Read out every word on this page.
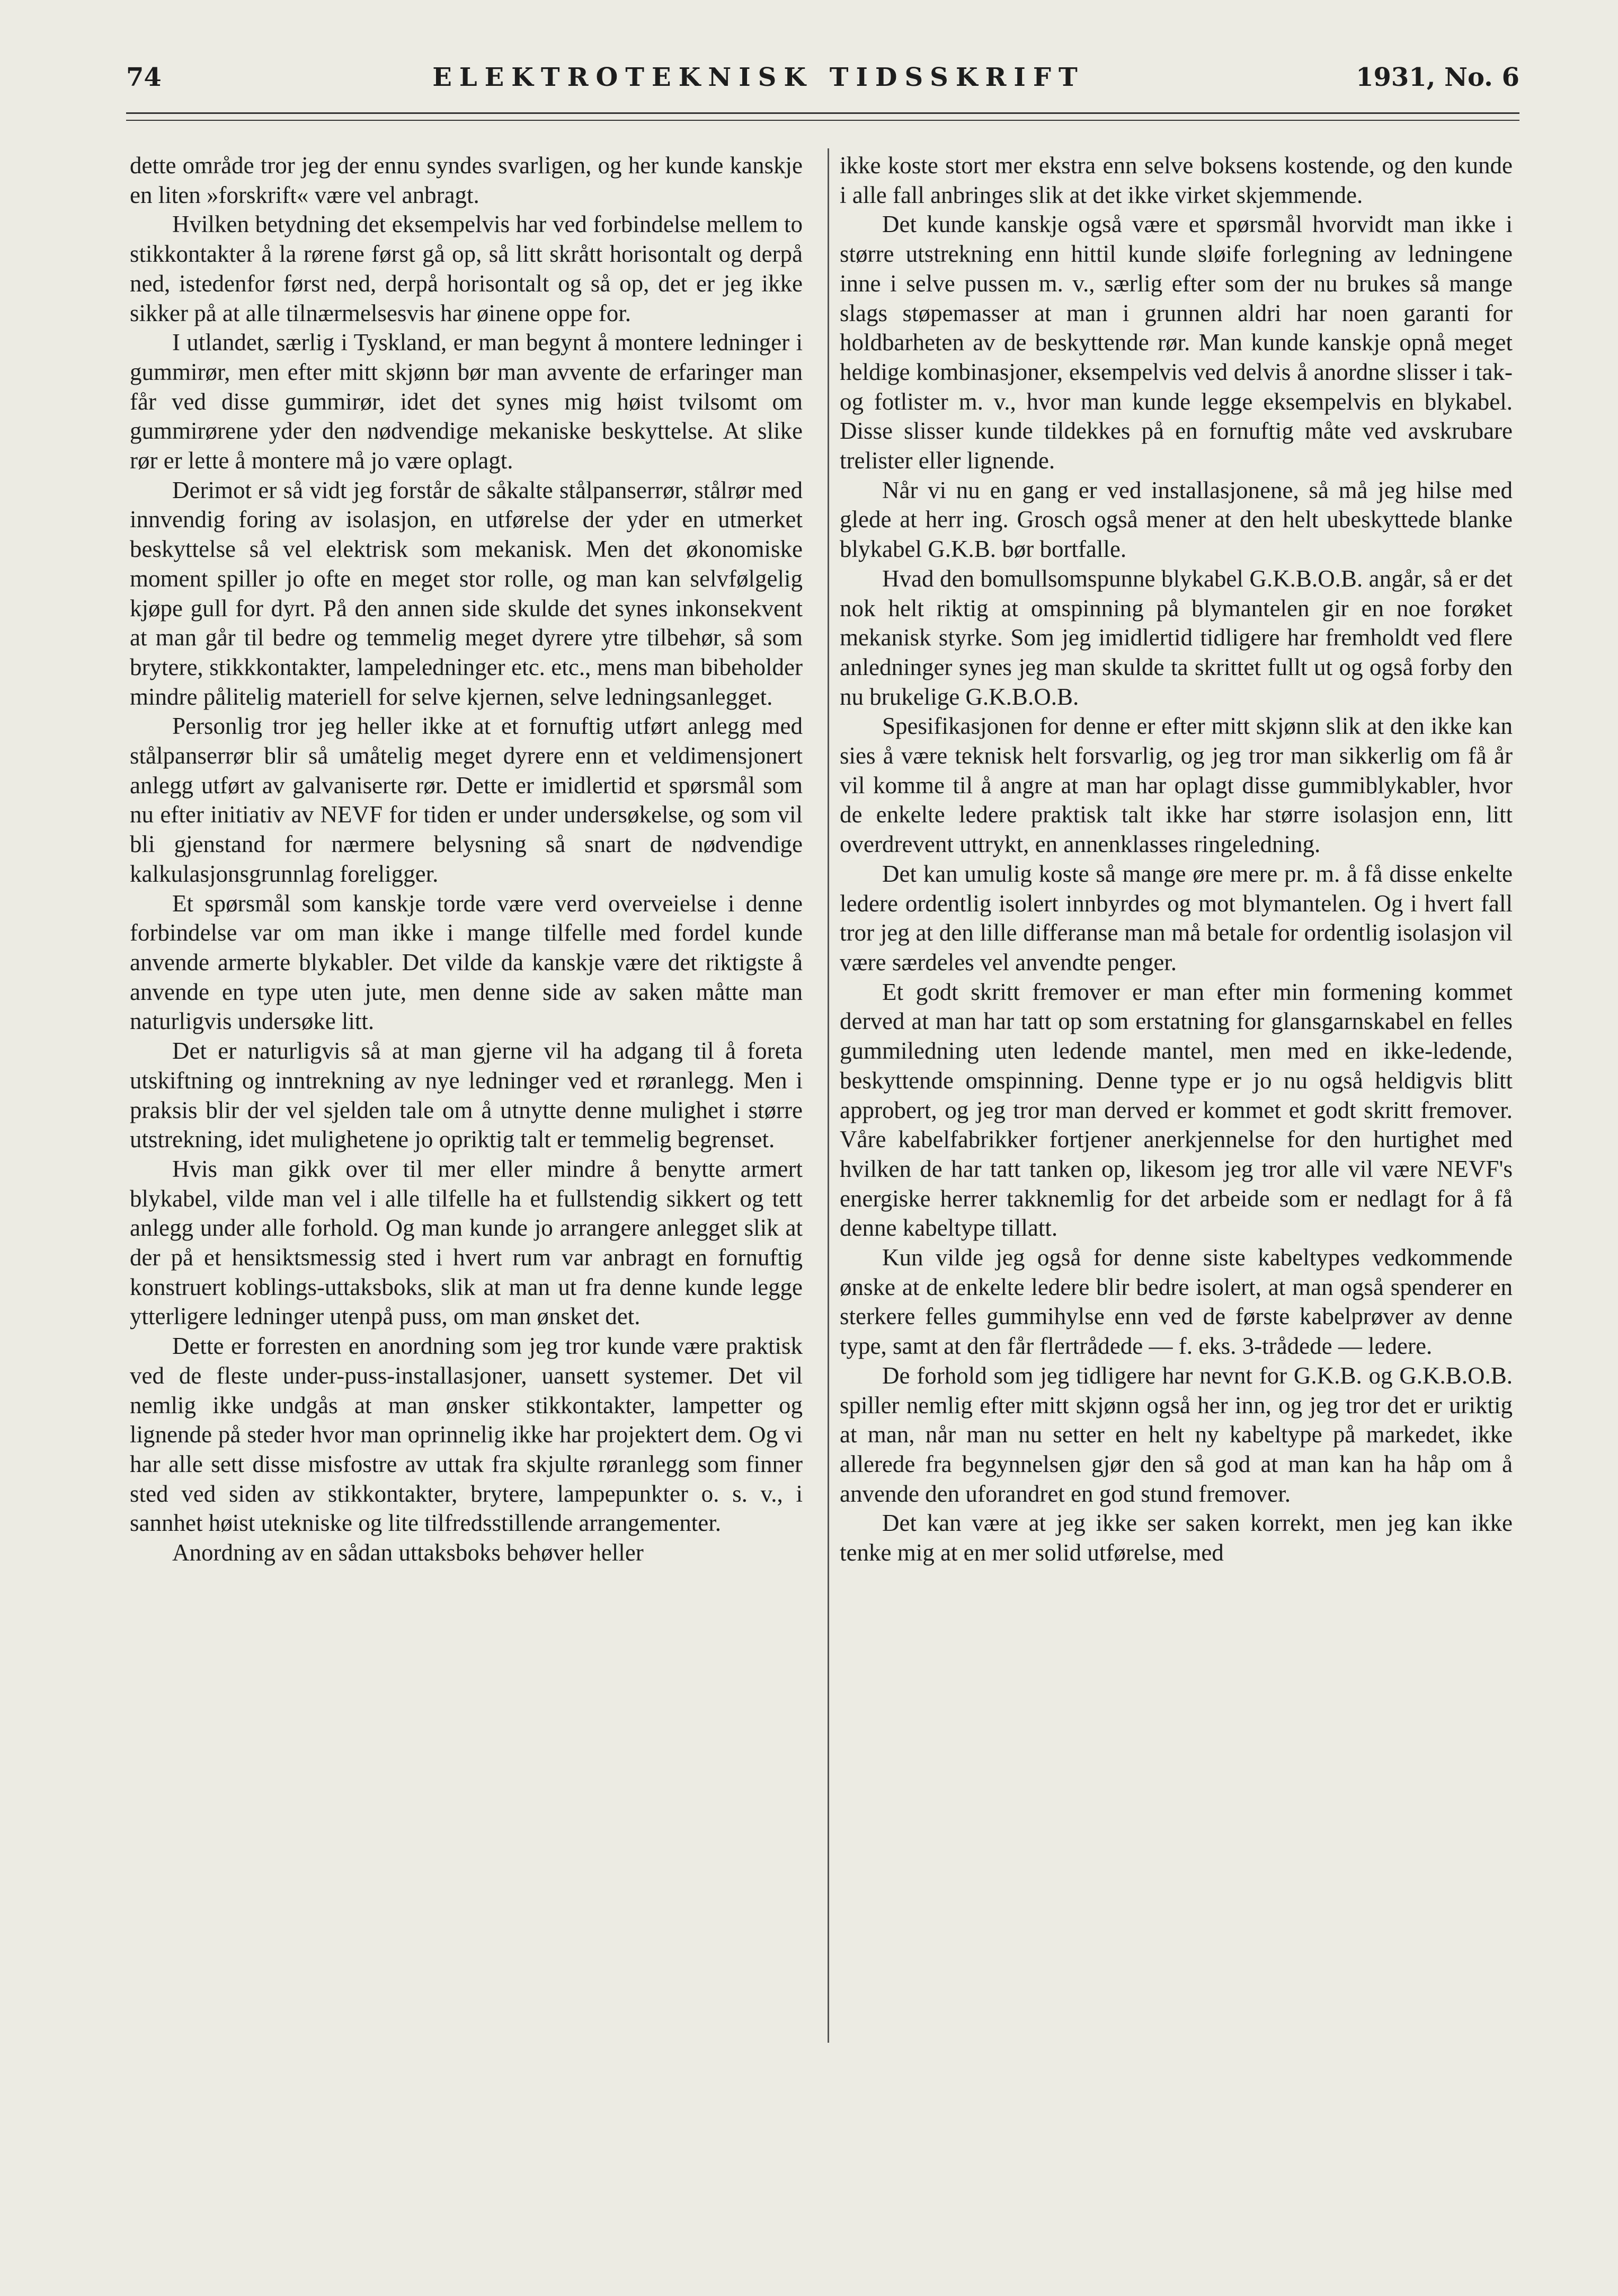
74	ELEKTROTEKNISK TIDSSKRIFT	1931, No. 6

dette område tror jeg der ennu syndes svarligen, og her kunde kanskje en liten »forskrift« være vel anbragt.

Hvilken betydning det eksempelvis har ved forbindelse mellem to stikkontakter å la rørene først gå op, så litt skrått horisontalt og derpå ned, istedenfor først ned, derpå horisontalt og så op, det er jeg ikke sikker på at alle tilnærmelsesvis har øinene oppe for.

I utlandet, særlig i Tyskland, er man begynt å montere ledninger i gummirør, men efter mitt skjønn bør man avvente de erfaringer man får ved disse gummirør, idet det synes mig høist tvilsomt om gummirørene yder den nødvendige mekaniske beskyttelse. At slike rør er lette å montere må jo være oplagt.

Derimot er så vidt jeg forstår de såkalte stålpanserrør, stålrør med innvendig foring av isolasjon, en utførelse der yder en utmerket beskyttelse så vel elektrisk som mekanisk. Men det økonomiske moment spiller jo ofte en meget stor rolle, og man kan selvfølgelig kjøpe gull for dyrt. På den annen side skulde det synes inkonsekvent at man går til bedre og temmelig meget dyrere ytre tilbehør, så som brytere, stikkkontakter, lampeledninger etc. etc., mens man bibeholder mindre pålitelig materiell for selve kjernen, selve ledningsanlegget.

Personlig tror jeg heller ikke at et fornuftig utført anlegg med stålpanserrør blir så umåtelig meget dyrere enn et veldimensjonert anlegg utført av galvaniserte rør. Dette er imidlertid et spørsmål som nu efter initiativ av NEVF for tiden er under undersøkelse, og som vil bli gjenstand for nærmere belysning så snart de nødvendige kalkulasjonsgrunnlag foreligger.

Et spørsmål som kanskje torde være verd overveielse i denne forbindelse var om man ikke i mange tilfelle med fordel kunde anvende armerte blykabler. Det vilde da kanskje være det riktigste å anvende en type uten jute, men denne side av saken måtte man naturligvis undersøke litt.

Det er naturligvis så at man gjerne vil ha adgang til å foreta utskiftning og inntrekning av nye ledninger ved et røranlegg. Men i praksis blir der vel sjelden tale om å utnytte denne mulighet i større utstrekning, idet mulighetene jo opriktig talt er temmelig begrenset.

Hvis man gikk over til mer eller mindre å benytte armert blykabel, vilde man vel i alle tilfelle ha et fullstendig sikkert og tett anlegg under alle forhold. Og man kunde jo arrangere anlegget slik at der på et hensiktsmessig sted i hvert rum var anbragt en fornuftig konstruert koblings-uttaksboks, slik at man ut fra denne kunde legge ytterligere ledninger utenpå puss, om man ønsket det.

Dette er forresten en anordning som jeg tror kunde være praktisk ved de fleste under-puss-installasjoner, uansett systemer. Det vil nemlig ikke undgås at man ønsker stikkontakter, lampetter og lignende på steder hvor man oprinnelig ikke har projektert dem. Og vi har alle sett disse misfostre av uttak fra skjulte røranlegg som finner sted ved siden av stikkontakter, brytere, lampepunkter o. s. v., i sannhet høist utekniske og lite tilfredsstillende arrangementer.

Anordning av en sådan uttaksboks behøver heller

ikke koste stort mer ekstra enn selve boksens kostende, og den kunde i alle fall anbringes slik at det ikke virket skjemmende.

Det kunde kanskje også være et spørsmål hvorvidt man ikke i større utstrekning enn hittil kunde sløife forlegning av ledningene inne i selve pussen m. v., særlig efter som der nu brukes så mange slags støpemasser at man i grunnen aldri har noen garanti for holdbarheten av de beskyttende rør. Man kunde kanskje opnå meget heldige kombinasjoner, eksempelvis ved delvis å anordne slisser i tak- og fotlister m. v., hvor man kunde legge eksempelvis en blykabel. Disse slisser kunde tildekkes på en fornuftig måte ved avskrubare trelister eller lignende.

Når vi nu en gang er ved installasjonene, så må jeg hilse med glede at herr ing. Grosch også mener at den helt ubeskyttede blanke blykabel G.K.B. bør bortfalle.

Hvad den bomullsomspunne blykabel G.K.B.O.B. angår, så er det nok helt riktig at omspinning på blymantelen gir en noe forøket mekanisk styrke. Som jeg imidlertid tidligere har fremholdt ved flere anledninger synes jeg man skulde ta skrittet fullt ut og også forby den nu brukelige G.K.B.O.B.

Spesifikasjonen for denne er efter mitt skjønn slik at den ikke kan sies å være teknisk helt forsvarlig, og jeg tror man sikkerlig om få år vil komme til å angre at man har oplagt disse gummiblykabler, hvor de enkelte ledere praktisk talt ikke har større isolasjon enn, litt overdrevent uttrykt, en annenklasses ringeledning.

Det kan umulig koste så mange øre mere pr. m. å få disse enkelte ledere ordentlig isolert innbyrdes og mot blymantelen. Og i hvert fall tror jeg at den lille differanse man må betale for ordentlig isolasjon vil være særdeles vel anvendte penger.

Et godt skritt fremover er man efter min formening kommet derved at man har tatt op som erstatning for glansgarnskabel en felles gummiledning uten ledende mantel, men med en ikke-ledende, beskyttende omspinning. Denne type er jo nu også heldigvis blitt approbert, og jeg tror man derved er kommet et godt skritt fremover. Våre kabelfabrikker fortjener anerkjennelse for den hurtighet med hvilken de har tatt tanken op, likesom jeg tror alle vil være NEVF's energiske herrer takknemlig for det arbeide som er nedlagt for å få denne kabeltype tillatt.

Kun vilde jeg også for denne siste kabeltypes vedkommende ønske at de enkelte ledere blir bedre isolert, at man også spenderer en sterkere felles gummihylse enn ved de første kabelprøver av denne type, samt at den får flertrådede — f. eks. 3-trådede — ledere.

De forhold som jeg tidligere har nevnt for G.K.B. og G.K.B.O.B. spiller nemlig efter mitt skjønn også her inn, og jeg tror det er uriktig at man, når man nu setter en helt ny kabeltype på markedet, ikke allerede fra begynnelsen gjør den så god at man kan ha håp om å anvende den uforandret en god stund fremover.

Det kan være at jeg ikke ser saken korrekt, men jeg kan ikke tenke mig at en mer solid utførelse, med
